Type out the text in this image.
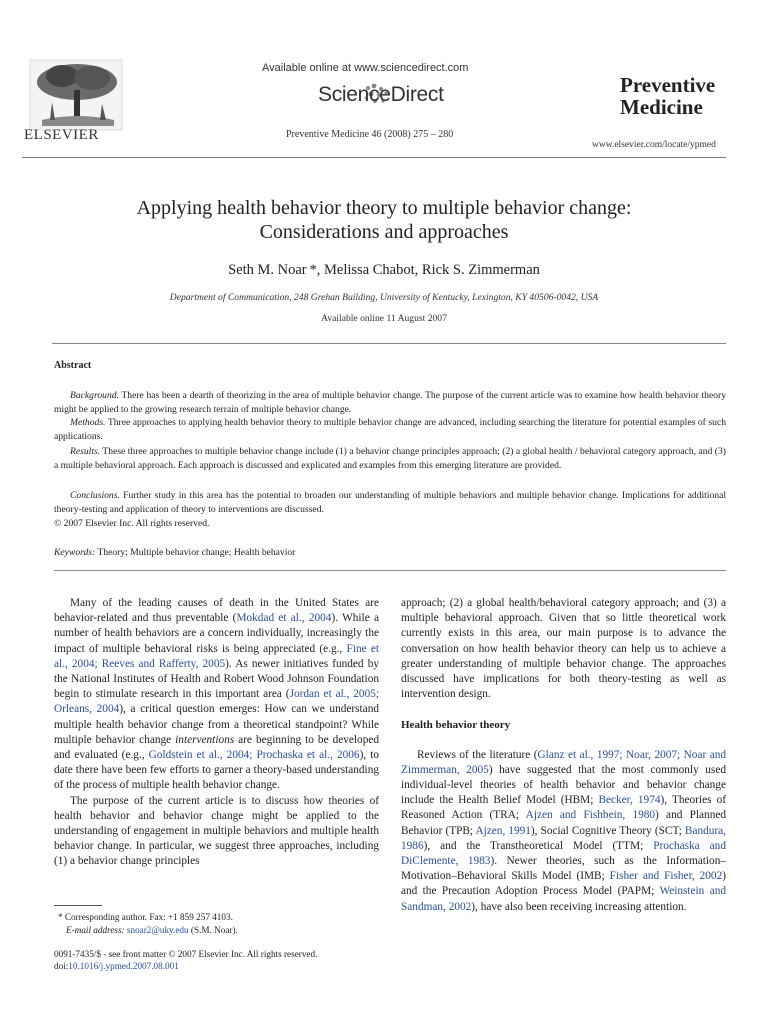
ELSEVIER
Available online at www.sciencedirect.com
ScienceDirect
Preventive Medicine 46 (2008) 275 – 280
Preventive
Medicine
www.elsevier.com/locate/ypmed
Applying health behavior theory to multiple behavior change:
Considerations and approaches
Seth M. Noar *, Melissa Chabot, Rick S. Zimmerman
Department of Communication, 248 Grehan Building, University of Kentucky, Lexington, KY 40506-0042, USA
Available online 11 August 2007
Abstract
Background. There has been a dearth of theorizing in the area of multiple behavior change. The purpose of the current article was to examine how health behavior theory might be applied to the growing research terrain of multiple behavior change.
Methods. Three approaches to applying health behavior theory to multiple behavior change are advanced, including searching the literature for potential examples of such applications.
Results. These three approaches to multiple behavior change include (1) a behavior change principles approach; (2) a global health / behavioral category approach, and (3) a multiple behavioral approach. Each approach is discussed and explicated and examples from this emerging literature are provided.
Conclusions. Further study in this area has the potential to broaden our understanding of multiple behaviors and multiple behavior change. Implications for additional theory-testing and application of theory to interventions are discussed.
© 2007 Elsevier Inc. All rights reserved.
Keywords: Theory; Multiple behavior change; Health behavior

Many of the leading causes of death in the United States are behavior-related and thus preventable (Mokdad et al., 2004). While a number of health behaviors are a concern individually, increasingly the impact of multiple behavioral risks is being appreciated (e.g., Fine et al., 2004; Reeves and Rafferty, 2005). As newer initiatives funded by the National Institutes of Health and Robert Wood Johnson Foundation begin to stimulate research in this important area (Jordan et al., 2005; Orleans, 2004), a critical question emerges: How can we understand multiple health behavior change from a theoretical standpoint? While multiple behavior change interventions are beginning to be developed and evaluated (e.g., Goldstein et al., 2004; Prochaska et al., 2006), to date there have been few efforts to garner a theory-based understanding of the process of multiple health behavior change.

The purpose of the current article is to discuss how theories of health behavior and behavior change might be applied to the understanding of engagement in multiple behaviors and multiple health behavior change. In particular, we suggest three approaches, including (1) a behavior change principles

approach; (2) a global health/behavioral category approach; and (3) a multiple behavioral approach. Given that so little theoretical work currently exists in this area, our main purpose is to advance the conversation on how health behavior theory can help us to achieve a greater understanding of multiple behavior change. The approaches discussed have implications for both theory-testing as well as intervention design.

Health behavior theory

Reviews of the literature (Glanz et al., 1997; Noar, 2007; Noar and Zimmerman, 2005) have suggested that the most commonly used individual-level theories of health behavior and behavior change include the Health Belief Model (HBM; Becker, 1974), Theories of Reasoned Action (TRA; Ajzen and Fishbein, 1980) and Planned Behavior (TPB; Ajzen, 1991), Social Cognitive Theory (SCT; Bandura, 1986), and the Transtheoretical Model (TTM; Prochaska and DiClemente, 1983). Newer theories, such as the Information–Motivation–Behavioral Skills Model (IMB; Fisher and Fisher, 2002) and the Precaution Adoption Process Model (PAPM; Weinstein and Sandman, 2002), have also been receiving increasing attention.

* Corresponding author. Fax: +1 859 257 4103.
E-mail address: snoar2@uky.edu (S.M. Noar).
0091-7435/$ - see front matter © 2007 Elsevier Inc. All rights reserved.
doi:10.1016/j.ypmed.2007.08.001
